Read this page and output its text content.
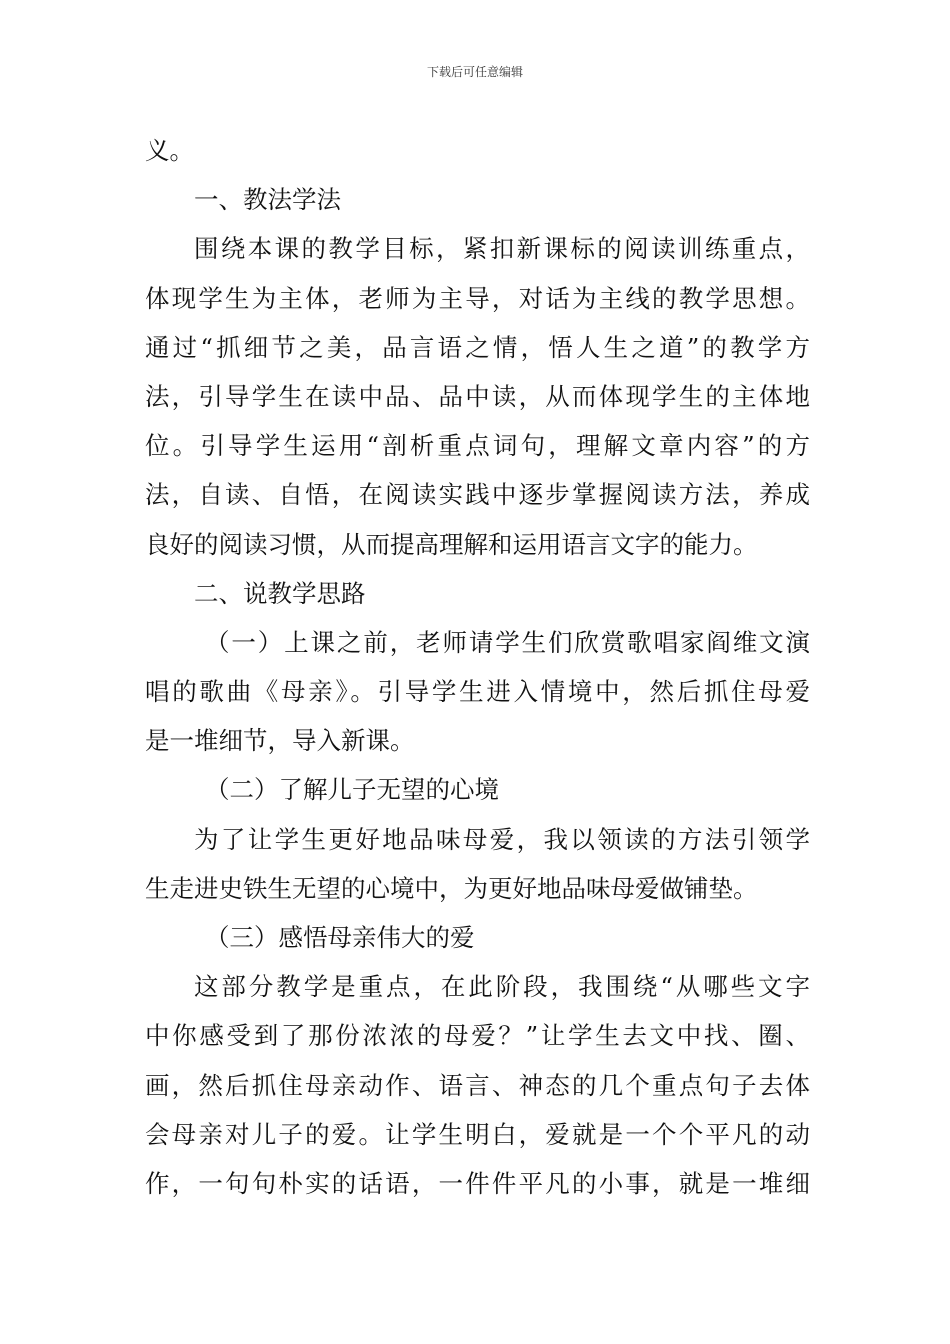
下载后可任意编辑
义。
一、教法学法
围绕本课的教学目标，紧扣新课标的阅读训练重点，
体现学生为主体，老师为主导，对话为主线的教学思想。
通过“抓细节之美，品言语之情，悟人生之道”的教学方
法，引导学生在读中品、品中读，从而体现学生的主体地
位。引导学生运用“剖析重点词句，理解文章内容”的方
法，自读、自悟，在阅读实践中逐步掌握阅读方法，养成
良好的阅读习惯，从而提高理解和运用语言文字的能力。
二、说教学思路
（一）上课之前，老师请学生们欣赏歌唱家阎维文演
唱的歌曲《母亲》。引导学生进入情境中，然后抓住母爱
是一堆细节，导入新课。
（二）了解儿子无望的心境
为了让学生更好地品味母爱，我以领读的方法引领学
生走进史铁生无望的心境中，为更好地品味母爱做铺垫。
（三）感悟母亲伟大的爱
这部分教学是重点，在此阶段，我围绕“从哪些文字
中你感受到了那份浓浓的母爱？”让学生去文中找、圈、
画，然后抓住母亲动作、语言、神态的几个重点句子去体
会母亲对儿子的爱。让学生明白，爱就是一个个平凡的动
作，一句句朴实的话语，一件件平凡的小事，就是一堆细
